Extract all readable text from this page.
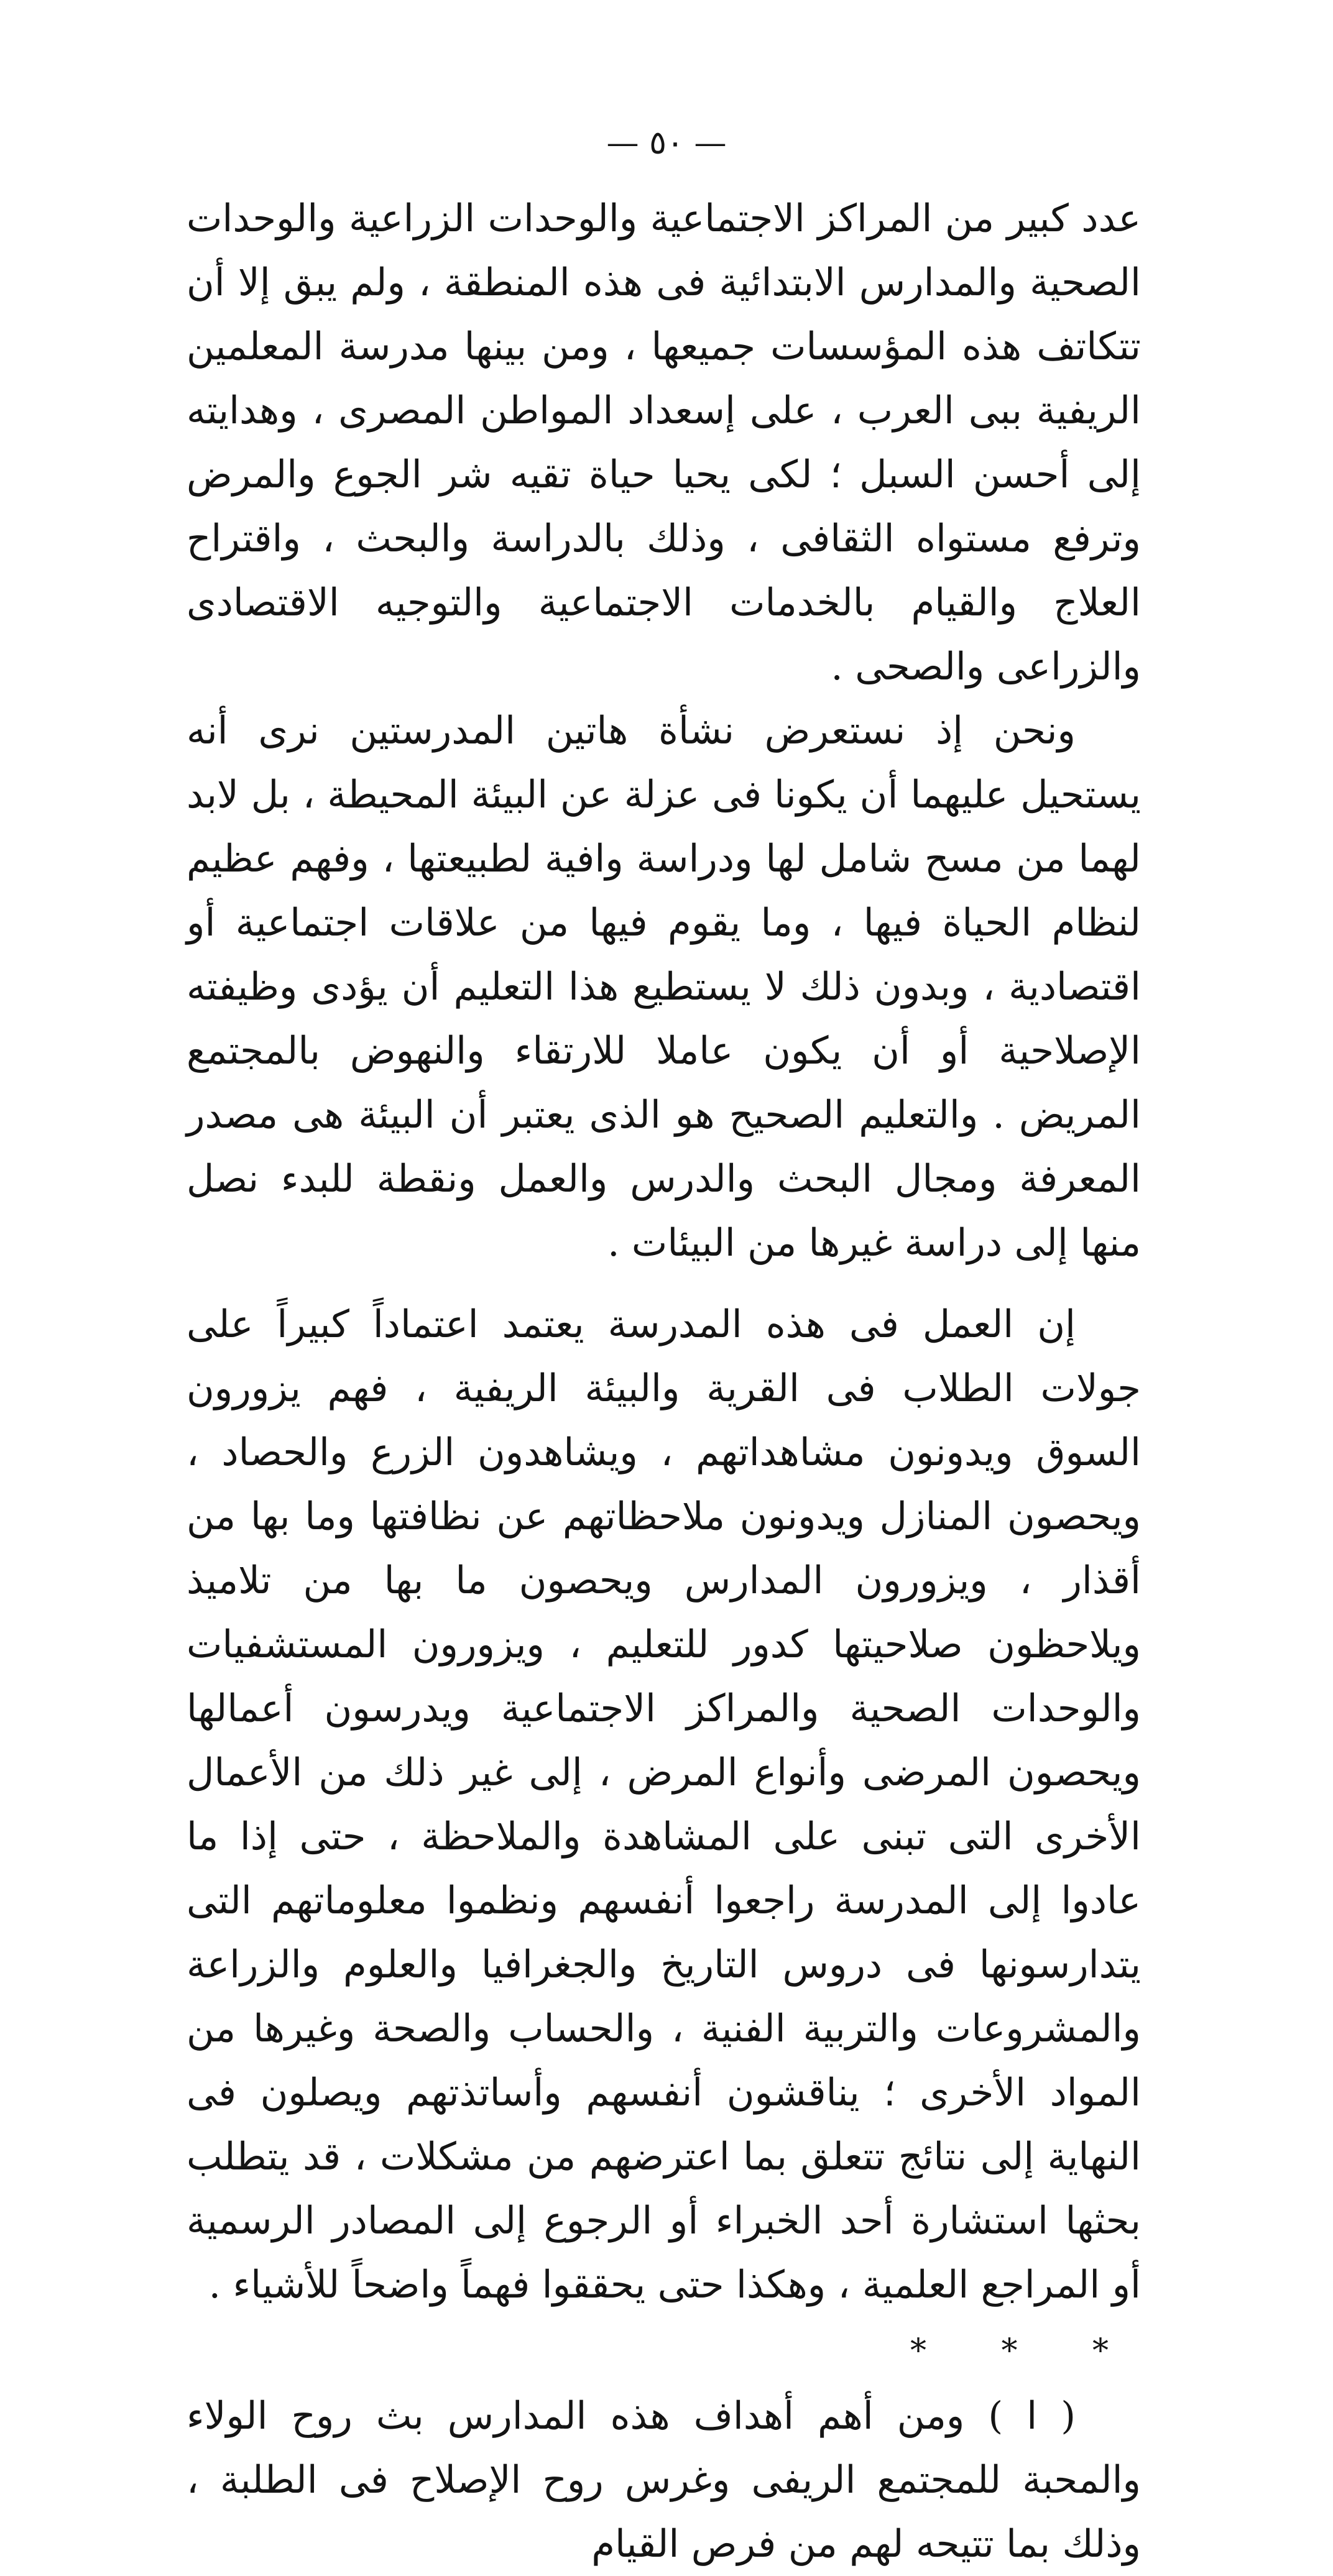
— ٥٠ —

عدد كبير من المراكز الاجتماعية والوحدات الزراعية والوحدات الصحية والمدارس الابتدائية فى هذه المنطقة ، ولم يبق إلا أن تتكاتف هذه المؤسسات جميعها ، ومن بينها مدرسة المعلمين الريفية ببى العرب ، على إسعداد المواطن المصرى ، وهدايته إلى أحسن السبل ؛ لكى يحيا حياة تقيه شر الجوع والمرض وترفع مستواه الثقافى ، وذلك بالدراسة والبحث ، واقتراح العلاج والقيام بالخدمات الاجتماعية والتوجيه الاقتصادى والزراعى والصحى .

ونحن إذ نستعرض نشأة هاتين المدرستين نرى أنه يستحيل عليهما أن يكونا فى عزلة عن البيئة المحيطة ، بل لابد لهما من مسح شامل لها ودراسة وافية لطبيعتها ، وفهم عظيم لنظام الحياة فيها ، وما يقوم فيها من علاقات اجتماعية أو اقتصادية ، وبدون ذلك لا يستطيع هذا التعليم أن يؤدى وظيفته الإصلاحية أو أن يكون عاملا للارتقاء والنهوض بالمجتمع المريض . والتعليم الصحيح هو الذى يعتبر أن البيئة هى مصدر المعرفة ومجال البحث والدرس والعمل ونقطة للبدء نصل منها إلى دراسة غيرها من البيئات .

إن العمل فى هذه المدرسة يعتمد اعتماداً كبيراً على جولات الطلاب فى القرية والبيئة الريفية ، فهم يزورون السوق ويدونون مشاهداتهم ، ويشاهدون الزرع والحصاد ، ويحصون المنازل ويدونون ملاحظاتهم عن نظافتها وما بها من أقذار ، ويزورون المدارس ويحصون ما بها من تلاميذ ويلاحظون صلاحيتها كدور للتعليم ، ويزورون المستشفيات والوحدات الصحية والمراكز الاجتماعية ويدرسون أعمالها ويحصون المرضى وأنواع المرض ، إلى غير ذلك من الأعمال الأخرى التى تبنى على المشاهدة والملاحظة ، حتى إذا ما عادوا إلى المدرسة راجعوا أنفسهم ونظموا معلوماتهم التى يتدارسونها فى دروس التاريخ والجغرافيا والعلوم والزراعة والمشروعات والتربية الفنية ، والحساب والصحة وغيرها من المواد الأخرى ؛ يناقشون أنفسهم وأساتذتهم ويصلون فى النهاية إلى نتائج تتعلق بما اعترضهم من مشكلات ، قد يتطلب بحثها استشارة أحد الخبراء أو الرجوع إلى المصادر الرسمية أو المراجع العلمية ، وهكذا حتى يحققوا فهماً واضحاً للأشياء .

* * *

( ا ) ومن أهم أهداف هذه المدارس بث روح الولاء والمحبة للمجتمع الريفى وغرس روح الإصلاح فى الطلبة ، وذلك بما تتيحه لهم من فرص القيام
